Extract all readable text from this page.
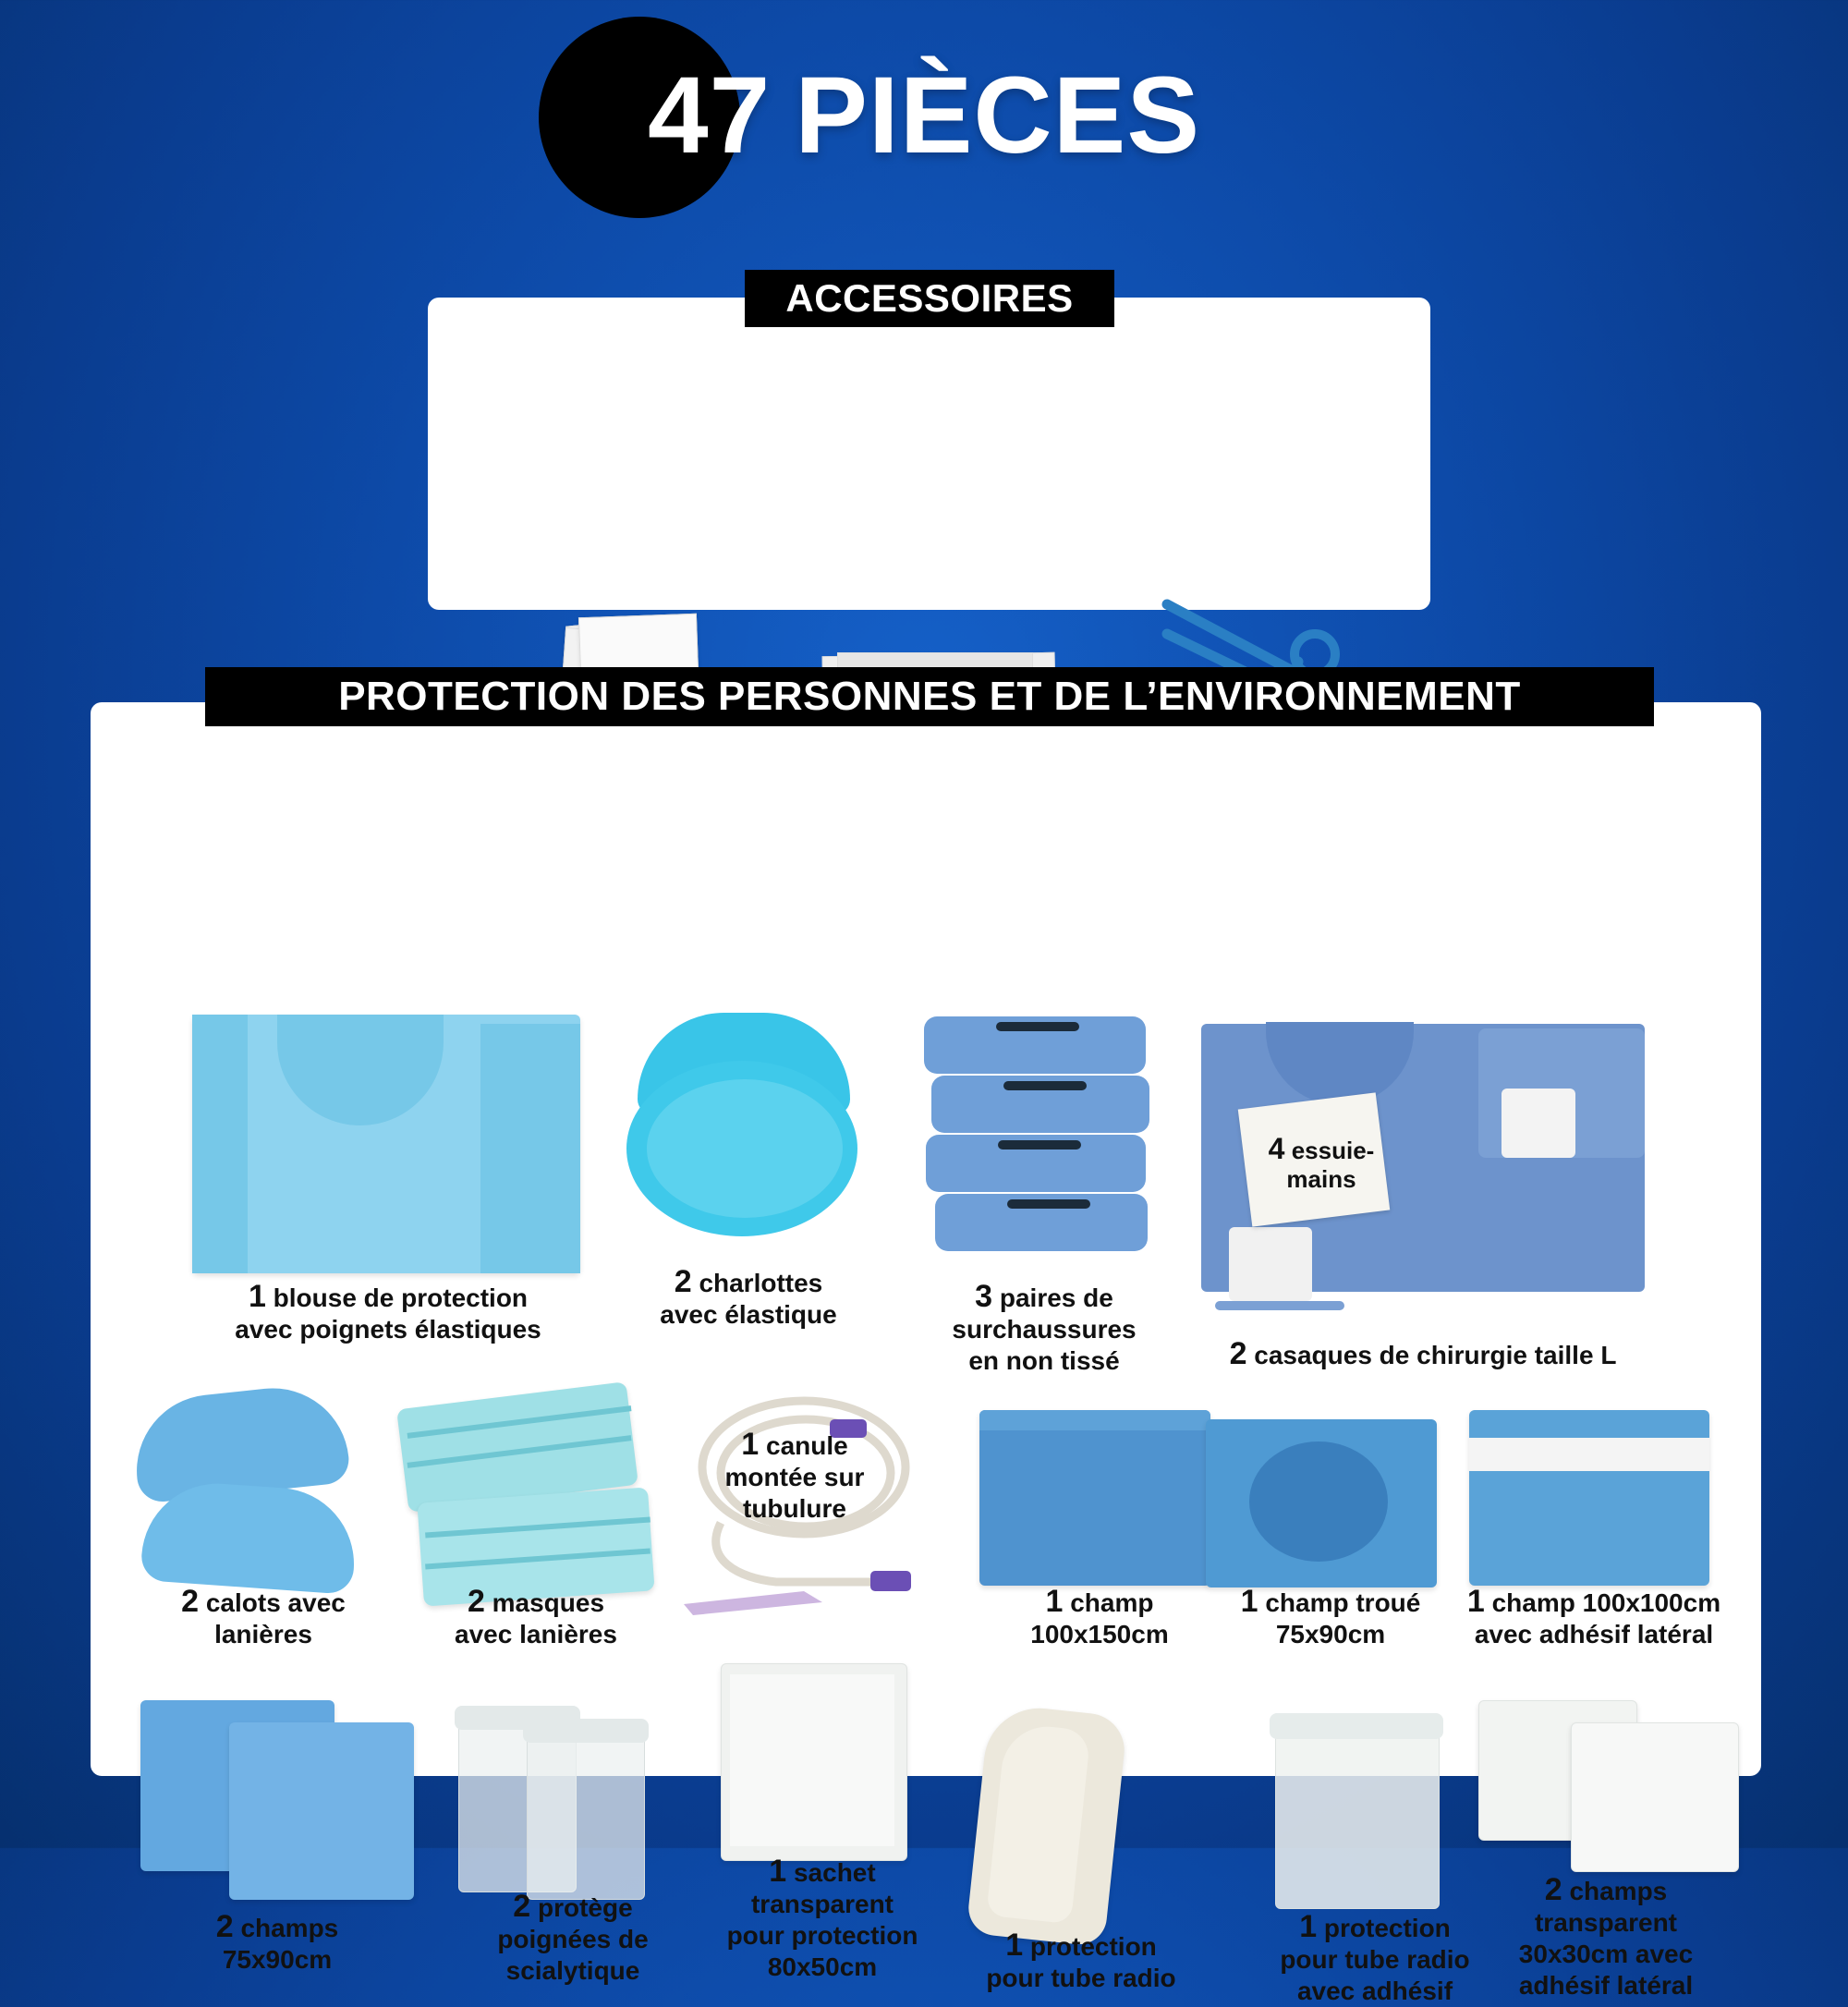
47 PIÈCES
ACCESSOIRES

PROTECTION DES PERSONNES ET DE L’ENVIRONNEMENT
1 blouse de protection
avec poignets élastiques
2 charlottes
avec élastique
3 paires de
surchaussures
en non tissé
4 essuie-
mains
2 casaques de chirurgie taille L
2 calots avec
lanières
2 masques
avec lanières
1 canule
montée sur
tubulure
1 champ
100x150cm
1 champ troué
75x90cm
1 champ 100x100cm
avec adhésif latéral
2 champs
75x90cm
2 protège
poignées de
scialytique
1 sachet
transparent
pour protection
80x50cm
1 protection
pour tube radio
1 protection
pour tube radio
avec adhésif
2 champs
transparent
30x30cm avec
adhésif latéral
